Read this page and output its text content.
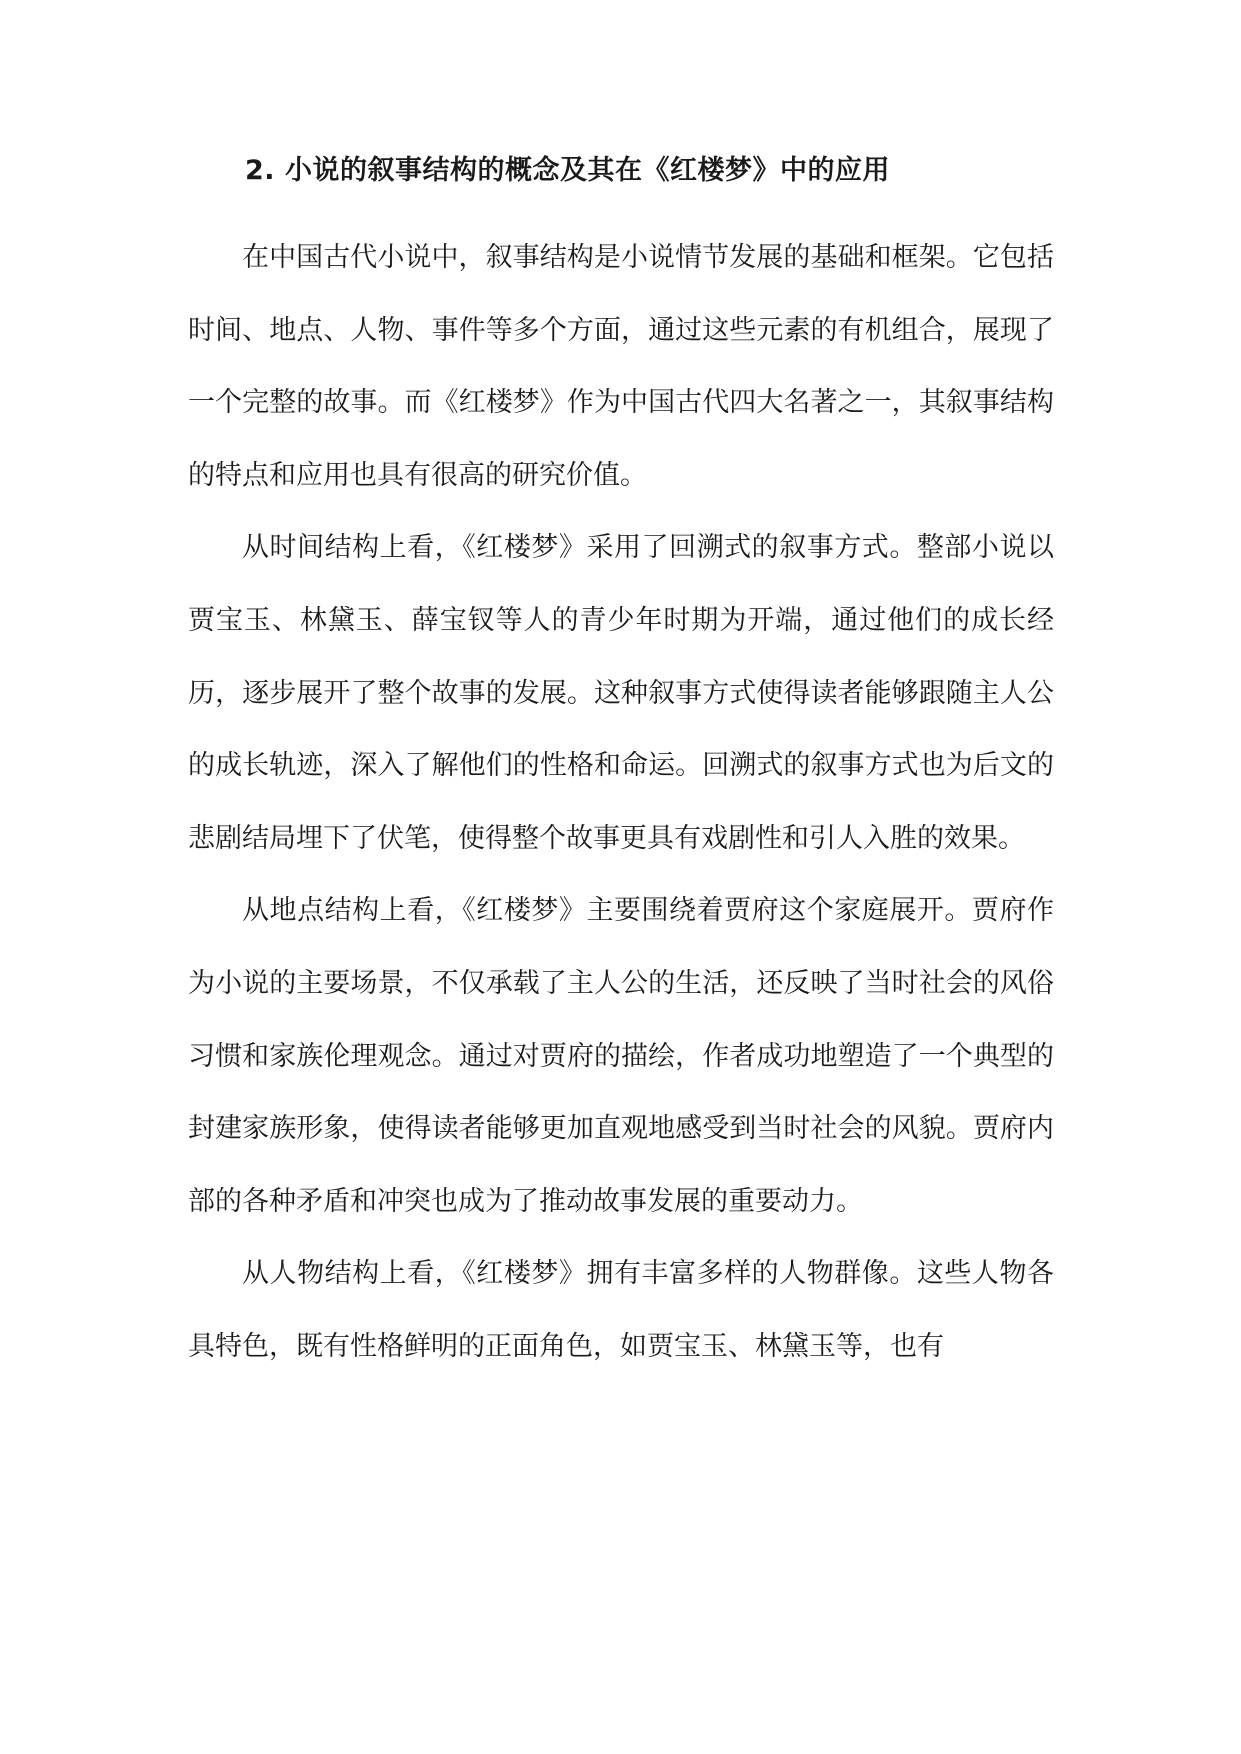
2. 小说的叙事结构的概念及其在《红楼梦》中的应用

在中国古代小说中，叙事结构是小说情节发展的基础和框架。它包括时间、地点、人物、事件等多个方面，通过这些元素的有机组合，展现了一个完整的故事。而《红楼梦》作为中国古代四大名著之一，其叙事结构的特点和应用也具有很高的研究价值。

从时间结构上看，《红楼梦》采用了回溯式的叙事方式。整部小说以贾宝玉、林黛玉、薛宝钗等人的青少年时期为开端，通过他们的成长经历，逐步展开了整个故事的发展。这种叙事方式使得读者能够跟随主人公的成长轨迹，深入了解他们的性格和命运。回溯式的叙事方式也为后文的悲剧结局埋下了伏笔，使得整个故事更具有戏剧性和引人入胜的效果。

从地点结构上看，《红楼梦》主要围绕着贾府这个家庭展开。贾府作为小说的主要场景，不仅承载了主人公的生活，还反映了当时社会的风俗习惯和家族伦理观念。通过对贾府的描绘，作者成功地塑造了一个典型的封建家族形象，使得读者能够更加直观地感受到当时社会的风貌。贾府内部的各种矛盾和冲突也成为了推动故事发展的重要动力。

从人物结构上看，《红楼梦》拥有丰富多样的人物群像。这些人物各具特色，既有性格鲜明的正面角色，如贾宝玉、林黛玉等，也有
